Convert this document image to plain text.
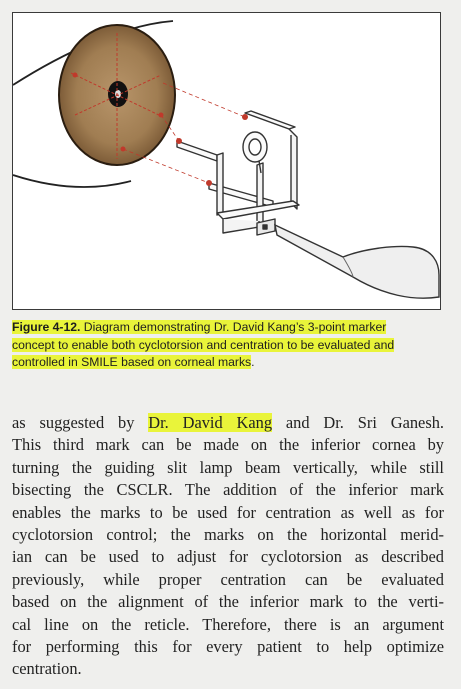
Figure 4-12. Diagram demonstrating Dr. David Kang’s 3-point marker
concept to enable both cyclotorsion and centration to be evaluated and
controlled in SMILE based on corneal marks.
as suggested by Dr. David Kang and Dr. Sri Ganesh.
This third mark can be made on the inferior cornea by
turning the guiding slit lamp beam vertically, while still
bisecting the CSCLR. The addition of the inferior mark
enables the marks to be used for centration as well as for
cyclotorsion control; the marks on the horizontal merid-
ian can be used to adjust for cyclotorsion as described
previously, while proper centration can be evaluated
based on the alignment of the inferior mark to the verti-
cal line on the reticle. Therefore, there is an argument
for performing this for every patient to help optimize
centration.
